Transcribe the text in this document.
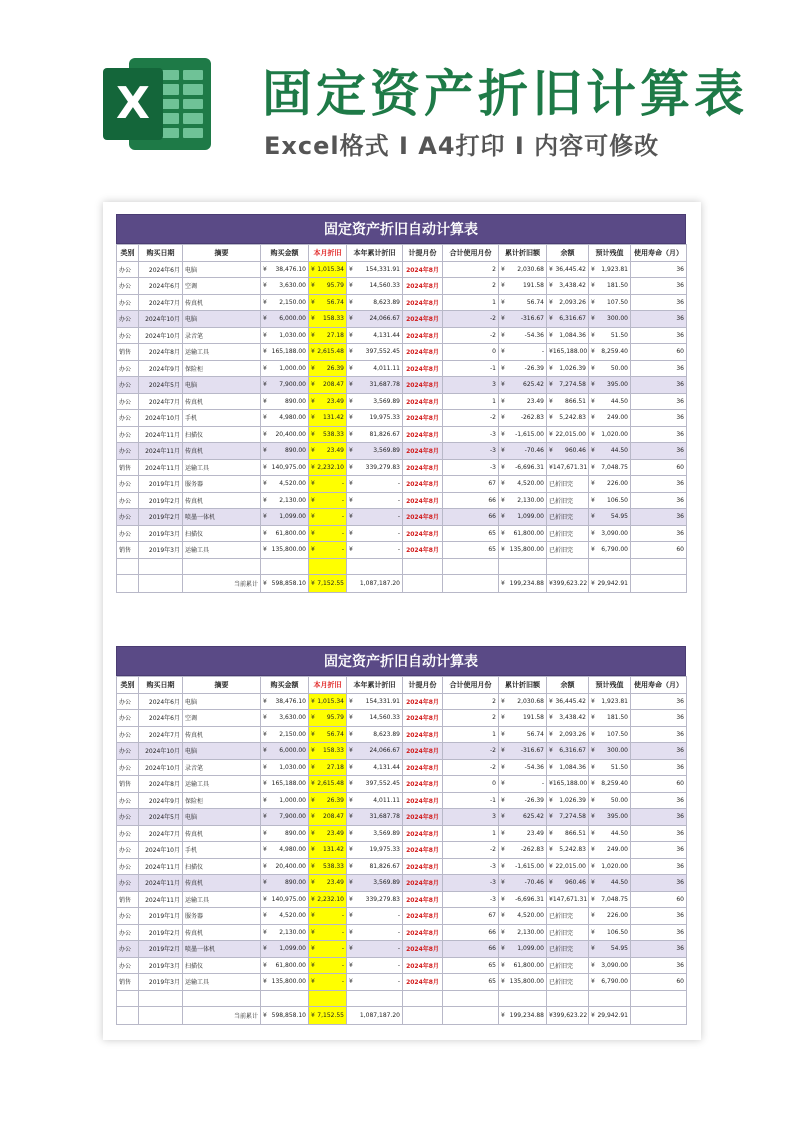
X 固定资产折旧计算表
Excel格式 I A4打印 I 内容可修改
固定资产折旧自动计算表
类别	购买日期	摘要	购买金额	本月折旧	本年累计折旧	计提月份	合计使用月份	累计折旧额	余额	预计残值	使用寿命（月）
办公	2024年6月	电脑	¥ 38,476.10	¥ 1,015.34	¥ 154,331.91	2024年8月	2	¥ 2,030.68	¥ 36,445.42	¥ 1,923.81	36
办公	2024年6月	空调	¥ 3,630.00	¥ 95.79	¥ 14,560.33	2024年8月	2	¥ 191.58	¥ 3,438.42	¥ 181.50	36
办公	2024年7月	传真机	¥ 2,150.00	¥ 56.74	¥ 8,623.89	2024年8月	1	¥ 56.74	¥ 2,093.26	¥ 107.50	36
办公	2024年10月	电脑	¥ 6,000.00	¥ 158.33	¥ 24,066.67	2024年8月	-2	¥ -316.67	¥ 6,316.67	¥ 300.00	36
办公	2024年10月	录音笔	¥ 1,030.00	¥ 27.18	¥ 4,131.44	2024年8月	-2	¥ -54.36	¥ 1,084.36	¥ 51.50	36
销售	2024年8月	运输工具	¥ 165,188.00	¥ 2,615.48	¥ 397,552.45	2024年8月	0	¥ -	¥ 165,188.00	¥ 8,259.40	60
办公	2024年9月	保险柜	¥ 1,000.00	¥ 26.39	¥ 4,011.11	2024年8月	-1	¥ -26.39	¥ 1,026.39	¥ 50.00	36
办公	2024年5月	电脑	¥ 7,900.00	¥ 208.47	¥ 31,687.78	2024年8月	3	¥ 625.42	¥ 7,274.58	¥ 395.00	36
办公	2024年7月	传真机	¥ 890.00	¥ 23.49	¥ 3,569.89	2024年8月	1	¥ 23.49	¥ 866.51	¥ 44.50	36
办公	2024年10月	手机	¥ 4,980.00	¥ 131.42	¥ 19,975.33	2024年8月	-2	¥ -262.83	¥ 5,242.83	¥ 249.00	36
办公	2024年11月	扫描仪	¥ 20,400.00	¥ 538.33	¥ 81,826.67	2024年8月	-3	¥ -1,615.00	¥ 22,015.00	¥ 1,020.00	36
办公	2024年11月	传真机	¥ 890.00	¥ 23.49	¥ 3,569.89	2024年8月	-3	¥ -70.46	¥ 960.46	¥ 44.50	36
销售	2024年11月	运输工具	¥ 140,975.00	¥ 2,232.10	¥ 339,279.83	2024年8月	-3	¥ -6,696.31	¥ 147,671.31	¥ 7,048.75	60
办公	2019年1月	服务器	¥ 4,520.00	¥ -	¥ -	2024年8月	67	¥ 4,520.00	已折旧完	¥ 226.00	36
办公	2019年2月	传真机	¥ 2,130.00	¥ -	¥ -	2024年8月	66	¥ 2,130.00	已折旧完	¥ 106.50	36
办公	2019年2月	喷墨一体机	¥ 1,099.00	¥ -	¥ -	2024年8月	66	¥ 1,099.00	已折旧完	¥ 54.95	36
办公	2019年3月	扫描仪	¥ 61,800.00	¥ -	¥ -	2024年8月	65	¥ 61,800.00	已折旧完	¥ 3,090.00	36
销售	2019年3月	运输工具	¥ 135,800.00	¥ -	¥ -	2024年8月	65	¥ 135,800.00	已折旧完	¥ 6,790.00	60

		当前累计	¥ 598,858.10	¥ 7,152.55	1,087,187.20			¥ 199,234.88	¥ 399,623.22	¥ 29,942.91	

固定资产折旧自动计算表
类别	购买日期	摘要	购买金额	本月折旧	本年累计折旧	计提月份	合计使用月份	累计折旧额	余额	预计残值	使用寿命（月）
办公	2024年6月	电脑	¥ 38,476.10	¥ 1,015.34	¥ 154,331.91	2024年8月	2	¥ 2,030.68	¥ 36,445.42	¥ 1,923.81	36
办公	2024年6月	空调	¥ 3,630.00	¥ 95.79	¥ 14,560.33	2024年8月	2	¥ 191.58	¥ 3,438.42	¥ 181.50	36
办公	2024年7月	传真机	¥ 2,150.00	¥ 56.74	¥ 8,623.89	2024年8月	1	¥ 56.74	¥ 2,093.26	¥ 107.50	36
办公	2024年10月	电脑	¥ 6,000.00	¥ 158.33	¥ 24,066.67	2024年8月	-2	¥ -316.67	¥ 6,316.67	¥ 300.00	36
办公	2024年10月	录音笔	¥ 1,030.00	¥ 27.18	¥ 4,131.44	2024年8月	-2	¥ -54.36	¥ 1,084.36	¥ 51.50	36
销售	2024年8月	运输工具	¥ 165,188.00	¥ 2,615.48	¥ 397,552.45	2024年8月	0	¥ -	¥ 165,188.00	¥ 8,259.40	60
办公	2024年9月	保险柜	¥ 1,000.00	¥ 26.39	¥ 4,011.11	2024年8月	-1	¥ -26.39	¥ 1,026.39	¥ 50.00	36
办公	2024年5月	电脑	¥ 7,900.00	¥ 208.47	¥ 31,687.78	2024年8月	3	¥ 625.42	¥ 7,274.58	¥ 395.00	36
办公	2024年7月	传真机	¥ 890.00	¥ 23.49	¥ 3,569.89	2024年8月	1	¥ 23.49	¥ 866.51	¥ 44.50	36
办公	2024年10月	手机	¥ 4,980.00	¥ 131.42	¥ 19,975.33	2024年8月	-2	¥ -262.83	¥ 5,242.83	¥ 249.00	36
办公	2024年11月	扫描仪	¥ 20,400.00	¥ 538.33	¥ 81,826.67	2024年8月	-3	¥ -1,615.00	¥ 22,015.00	¥ 1,020.00	36
办公	2024年11月	传真机	¥ 890.00	¥ 23.49	¥ 3,569.89	2024年8月	-3	¥ -70.46	¥ 960.46	¥ 44.50	36
销售	2024年11月	运输工具	¥ 140,975.00	¥ 2,232.10	¥ 339,279.83	2024年8月	-3	¥ -6,696.31	¥ 147,671.31	¥ 7,048.75	60
办公	2019年1月	服务器	¥ 4,520.00	¥ -	¥ -	2024年8月	67	¥ 4,520.00	已折旧完	¥ 226.00	36
办公	2019年2月	传真机	¥ 2,130.00	¥ -	¥ -	2024年8月	66	¥ 2,130.00	已折旧完	¥ 106.50	36
办公	2019年2月	喷墨一体机	¥ 1,099.00	¥ -	¥ -	2024年8月	66	¥ 1,099.00	已折旧完	¥ 54.95	36
办公	2019年3月	扫描仪	¥ 61,800.00	¥ -	¥ -	2024年8月	65	¥ 61,800.00	已折旧完	¥ 3,090.00	36
销售	2019年3月	运输工具	¥ 135,800.00	¥ -	¥ -	2024年8月	65	¥ 135,800.00	已折旧完	¥ 6,790.00	60

		当前累计	¥ 598,858.10	¥ 7,152.55	1,087,187.20			¥ 199,234.88	¥ 399,623.22	¥ 29,942.91	
